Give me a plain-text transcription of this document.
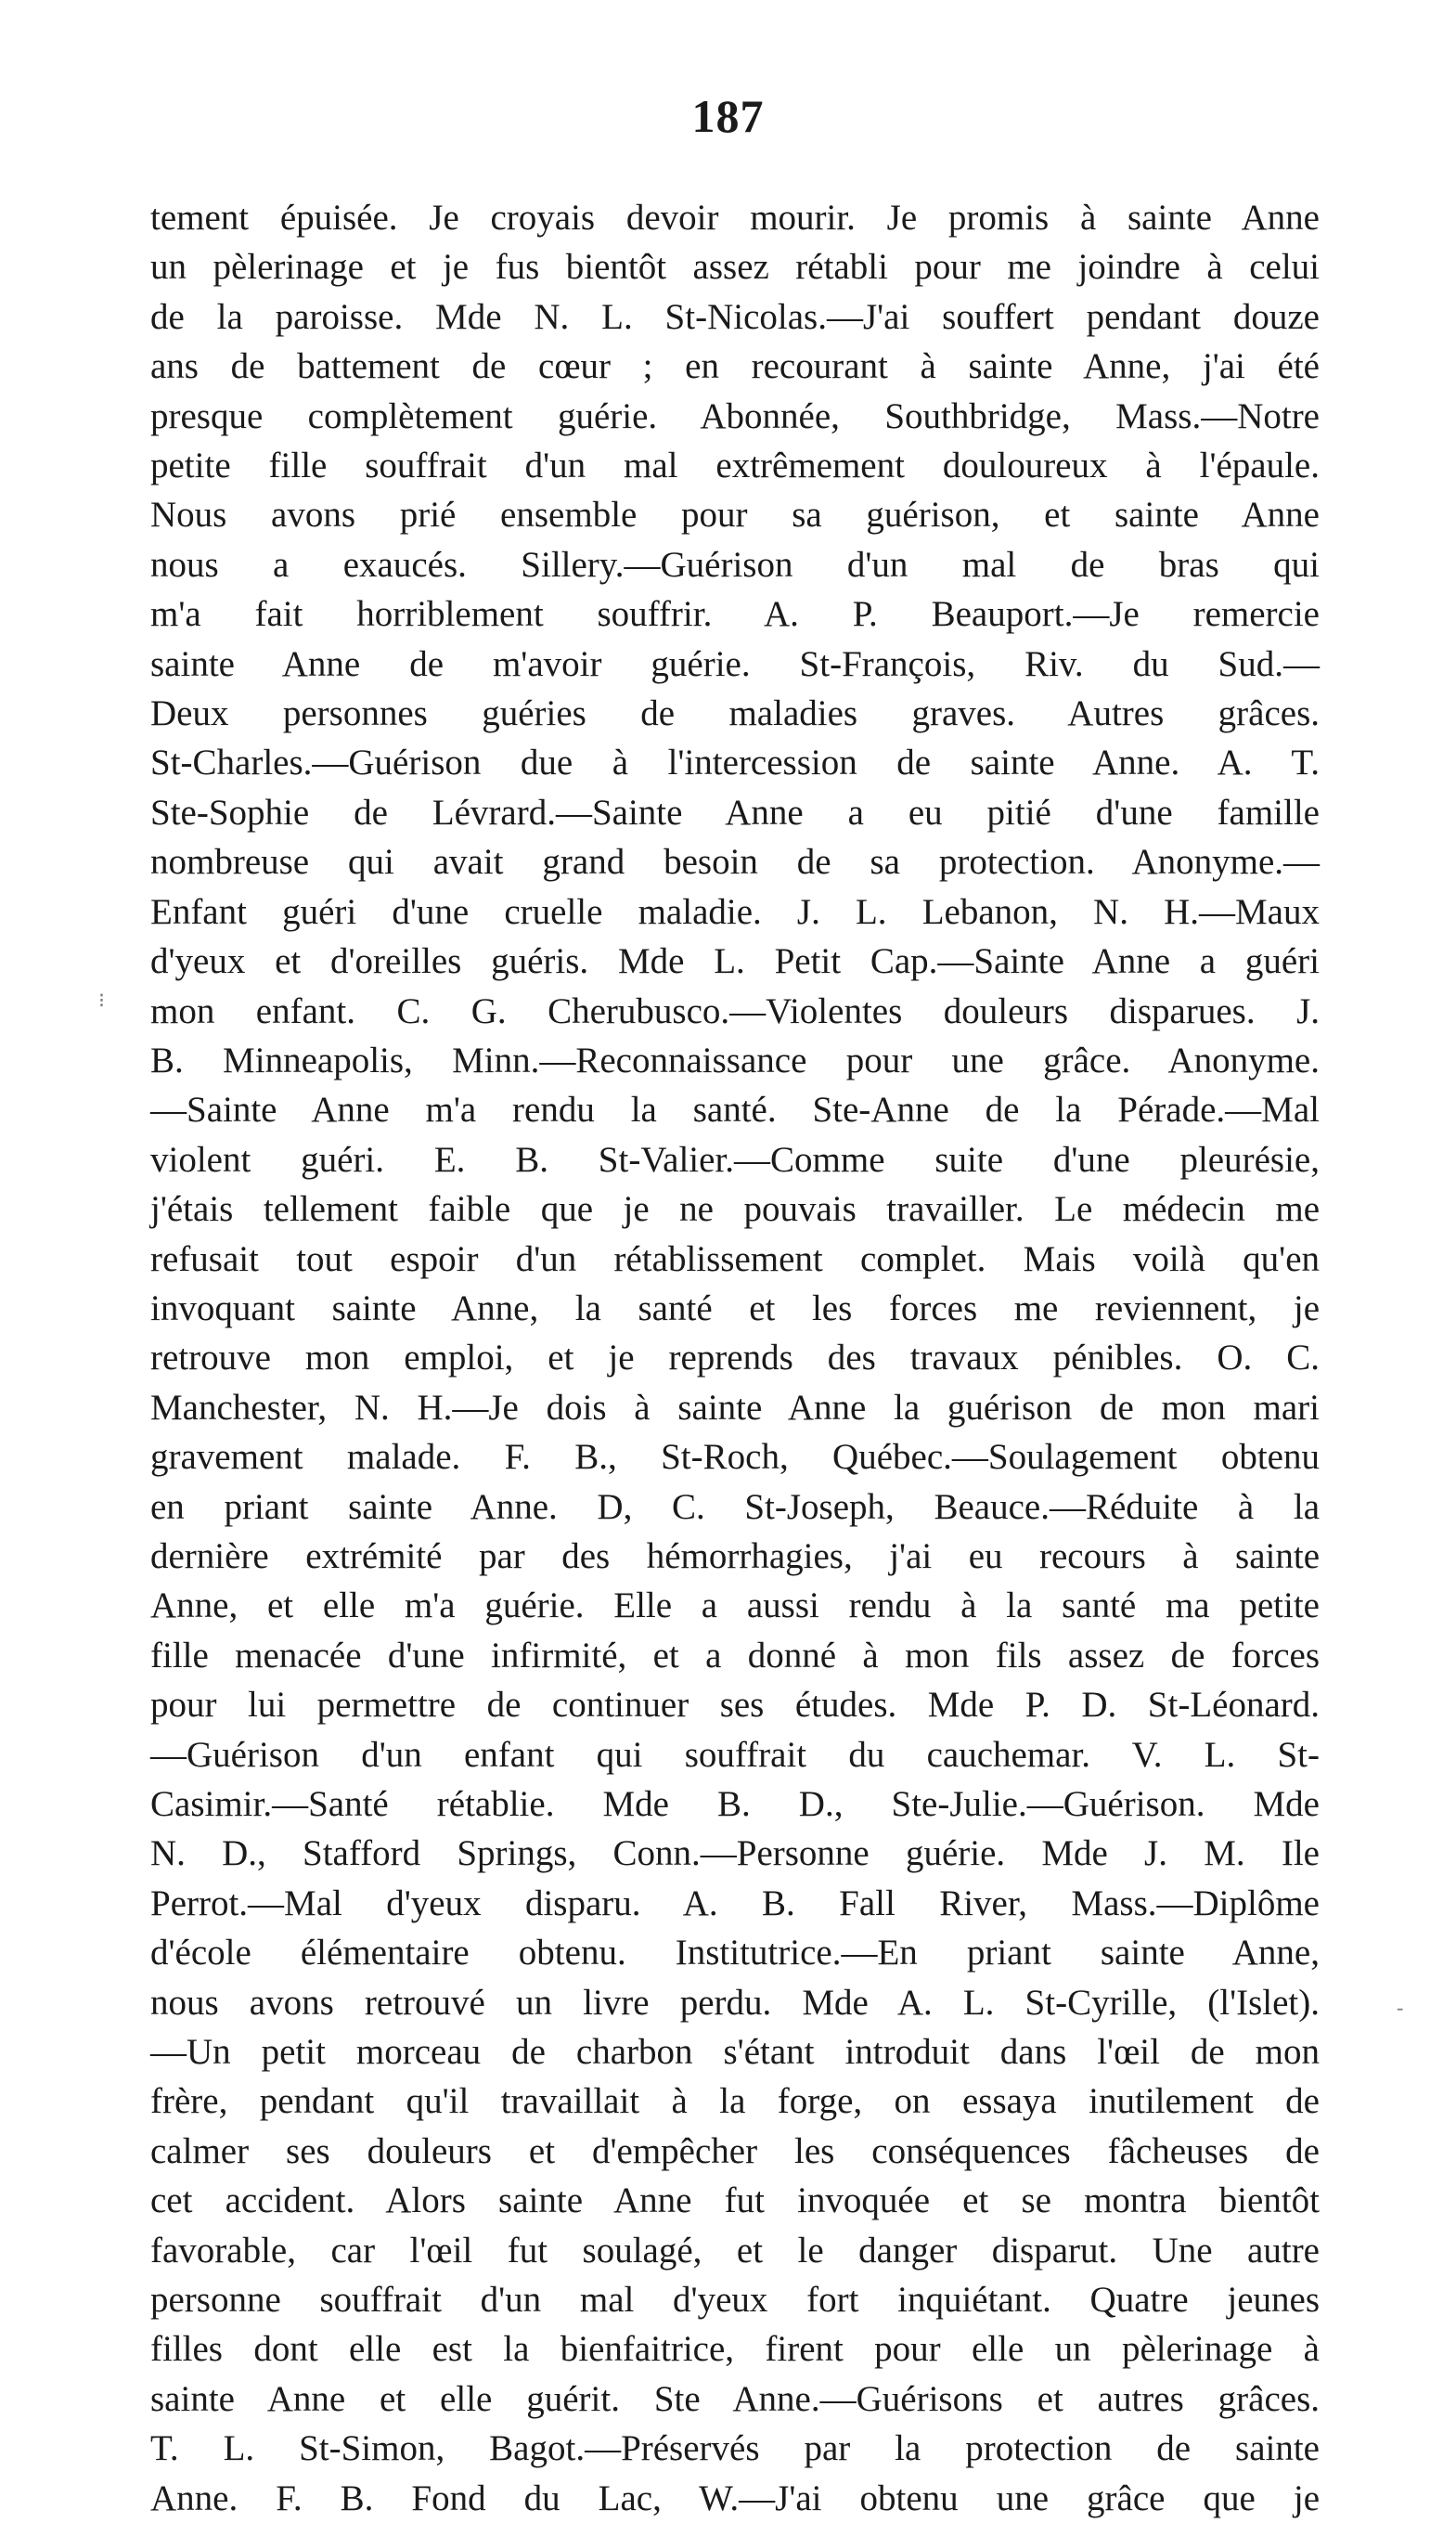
187
⁝
-
tement épuisée. Je croyais devoir mourir. Je promis à sainte Anne
un pèlerinage et je fus bientôt assez rétabli pour me joindre à celui
de la paroisse. Mde N. L. St-Nicolas.—J'ai souffert pendant douze
ans de battement de cœur ; en recourant à sainte Anne, j'ai été
presque complètement guérie. Abonnée, Southbridge, Mass.—Notre
petite fille souffrait d'un mal extrêmement douloureux à l'épaule.
Nous avons prié ensemble pour sa guérison, et sainte Anne
nous a exaucés. Sillery.—Guérison d'un mal de bras qui
m'a fait horriblement souffrir. A. P. Beauport.—Je remercie
sainte Anne de m'avoir guérie. St-François, Riv. du Sud.—
Deux personnes guéries de maladies graves. Autres grâces.
St-Charles.—Guérison due à l'intercession de sainte Anne. A. T.
Ste-Sophie de Lévrard.—Sainte Anne a eu pitié d'une famille
nombreuse qui avait grand besoin de sa protection. Anonyme.—
Enfant guéri d'une cruelle maladie. J. L. Lebanon, N. H.—Maux
d'yeux et d'oreilles guéris. Mde L. Petit Cap.—Sainte Anne a guéri
mon enfant. C. G. Cherubusco.—Violentes douleurs disparues. J.
B. Minneapolis, Minn.—Reconnaissance pour une grâce. Anonyme.
—Sainte Anne m'a rendu la santé. Ste-Anne de la Pérade.—Mal
violent guéri. E. B. St-Valier.—Comme suite d'une pleurésie,
j'étais tellement faible que je ne pouvais travailler. Le médecin me
refusait tout espoir d'un rétablissement complet. Mais voilà qu'en
invoquant sainte Anne, la santé et les forces me reviennent, je
retrouve mon emploi, et je reprends des travaux pénibles. O. C.
Manchester, N. H.—Je dois à sainte Anne la guérison de mon mari
gravement malade. F. B., St-Roch, Québec.—Soulagement obtenu
en priant sainte Anne. D, C. St-Joseph, Beauce.—Réduite à la
dernière extrémité par des hémorrhagies, j'ai eu recours à sainte
Anne, et elle m'a guérie. Elle a aussi rendu à la santé ma petite
fille menacée d'une infirmité, et a donné à mon fils assez de forces
pour lui permettre de continuer ses études. Mde P. D. St-Léonard.
—Guérison d'un enfant qui souffrait du cauchemar. V. L. St-
Casimir.—Santé rétablie. Mde B. D., Ste-Julie.—Guérison. Mde
N. D., Stafford Springs, Conn.—Personne guérie. Mde J. M. Ile
Perrot.—Mal d'yeux disparu. A. B. Fall River, Mass.—Diplôme
d'école élémentaire obtenu. Institutrice.—En priant sainte Anne,
nous avons retrouvé un livre perdu. Mde A. L. St-Cyrille, (l'Islet).
—Un petit morceau de charbon s'étant introduit dans l'œil de mon
frère, pendant qu'il travaillait à la forge, on essaya inutilement de
calmer ses douleurs et d'empêcher les conséquences fâcheuses de
cet accident. Alors sainte Anne fut invoquée et se montra bientôt
favorable, car l'œil fut soulagé, et le danger disparut. Une autre
personne souffrait d'un mal d'yeux fort inquiétant. Quatre jeunes
filles dont elle est la bienfaitrice, firent pour elle un pèlerinage à
sainte Anne et elle guérit. Ste Anne.—Guérisons et autres grâces.
T. L. St-Simon, Bagot.—Préservés par la protection de sainte
Anne. F. B. Fond du Lac, W.—J'ai obtenu une grâce que je
